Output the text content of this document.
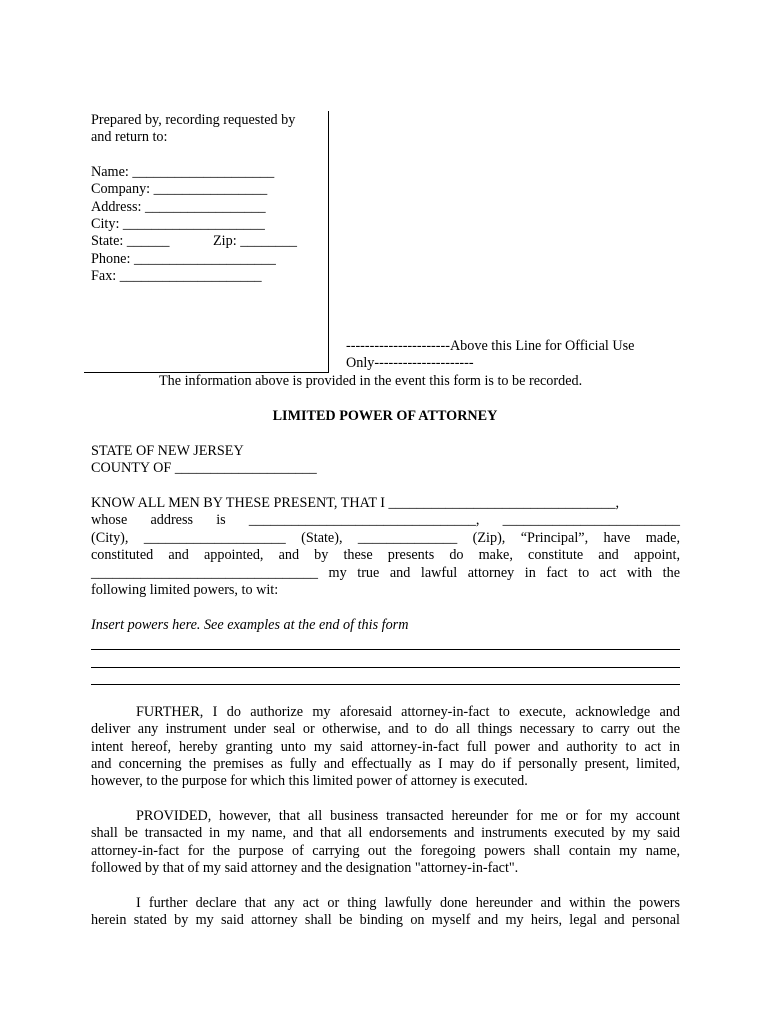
Prepared by, recording requested by
and return to:
Name: ____________________
Company: ________________
Address: _________________
City: ____________________
State: ______	Zip: ________
Phone: ____________________
Fax: ____________________
----------------------Above this Line for Official Use
Only---------------------
The information above is provided in the event this form is to be recorded.
LIMITED POWER OF ATTORNEY
STATE OF NEW JERSEY
COUNTY OF ____________________
KNOW ALL MEN BY THESE PRESENT, THAT I ________________________________,
whose address is ________________________________, _________________________
(City), ____________________ (State), ______________ (Zip), “Principal”, have made,
constituted and appointed, and by these presents do make, constitute and appoint,
________________________________ my true and lawful attorney in fact to act with the
following limited powers, to wit:
Insert powers here. See examples at the end of this form
FURTHER, I do authorize my aforesaid attorney-in-fact to execute, acknowledge and
deliver any instrument under seal or otherwise, and to do all things necessary to carry out the
intent hereof, hereby granting unto my said attorney-in-fact full power and authority to act in
and concerning the premises as fully and effectually as I may do if personally present, limited,
however, to the purpose for which this limited power of attorney is executed.
PROVIDED, however, that all business transacted hereunder for me or for my account
shall be transacted in my name, and that all endorsements and instruments executed by my said
attorney-in-fact for the purpose of carrying out the foregoing powers shall contain my name,
followed by that of my said attorney and the designation "attorney-in-fact".
I further declare that any act or thing lawfully done hereunder and within the powers
herein stated by my said attorney shall be binding on myself and my heirs, legal and personal
